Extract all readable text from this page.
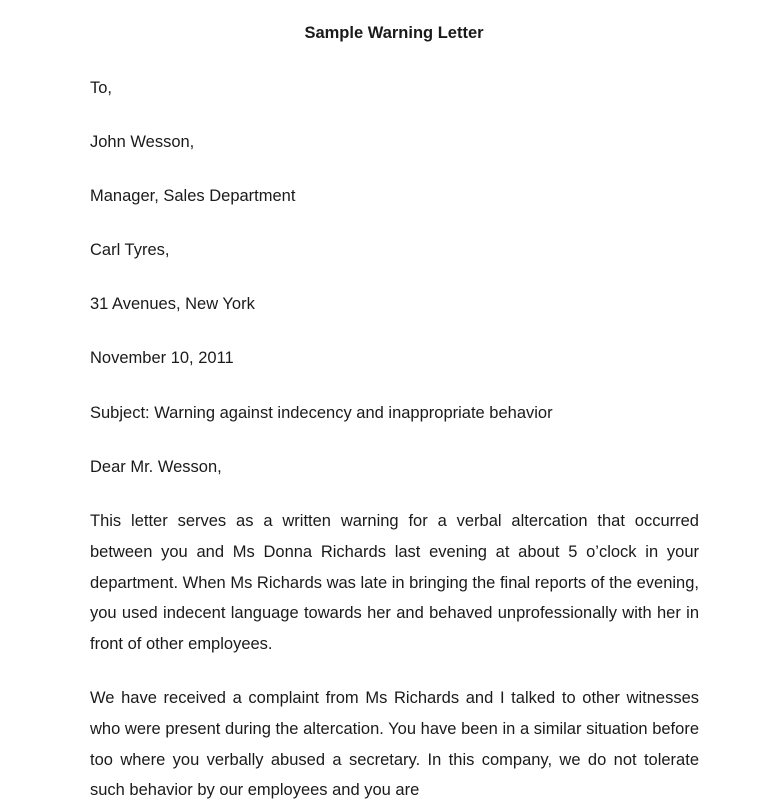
Sample Warning Letter
To,
John Wesson,
Manager, Sales Department
Carl Tyres,
31 Avenues, New York
November 10, 2011
Subject: Warning against indecency and inappropriate behavior
Dear Mr. Wesson,
This letter serves as a written warning for a verbal altercation that occurred between you and Ms Donna Richards last evening at about 5 o’clock in your department. When Ms Richards was late in bringing the final reports of the evening, you used indecent language towards her and behaved unprofessionally with her in front of other employees.
We have received a complaint from Ms Richards and I talked to other witnesses who were present during the altercation. You have been in a similar situation before too where you verbally abused a secretary. In this company, we do not tolerate such behavior by our employees and you are
